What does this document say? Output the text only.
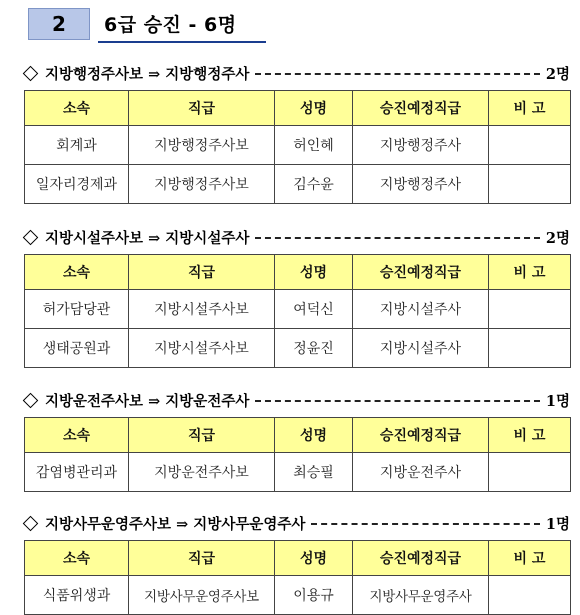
2	6급 승진 - 6명
지방행정주사보 ⇒ 지방행정주사	2명
소속	직급	성명	승진예정직급	비 고
회계과	지방행정주사보	허인혜	지방행정주사	
일자리경제과	지방행정주사보	김수윤	지방행정주사	
지방시설주사보 ⇒ 지방시설주사	2명
소속	직급	성명	승진예정직급	비 고
허가담당관	지방시설주사보	여덕신	지방시설주사	
생태공원과	지방시설주사보	정윤진	지방시설주사	
지방운전주사보 ⇒ 지방운전주사	1명
소속	직급	성명	승진예정직급	비 고
감염병관리과	지방운전주사보	최승필	지방운전주사	
지방사무운영주사보 ⇒ 지방사무운영주사	1명
소속	직급	성명	승진예정직급	비 고
식품위생과	지방사무운영주사보	이용규	지방사무운영주사	
